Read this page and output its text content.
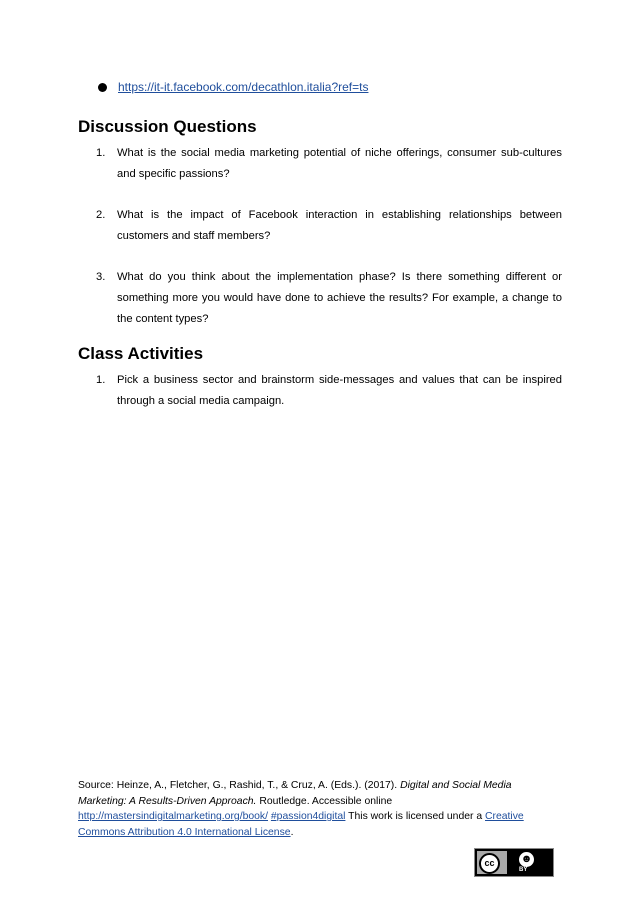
https://it-it.facebook.com/decathlon.italia?ref=ts
Discussion Questions
1. What is the social media marketing potential of niche offerings, consumer sub-cultures and specific passions?
2. What is the impact of Facebook interaction in establishing relationships between customers and staff members?
3. What do you think about the implementation phase? Is there something different or something more you would have done to achieve the results? For example, a change to the content types?
Class Activities
1. Pick a business sector and brainstorm side-messages and values that can be inspired through a social media campaign.
Source: Heinze, A., Fletcher, G., Rashid, T., & Cruz, A. (Eds.). (2017). Digital and Social Media Marketing: A Results-Driven Approach. Routledge. Accessible online http://mastersindigitalmarketing.org/book/ #passion4digital This work is licensed under a Creative Commons Attribution 4.0 International License.
cc	☻
BY
